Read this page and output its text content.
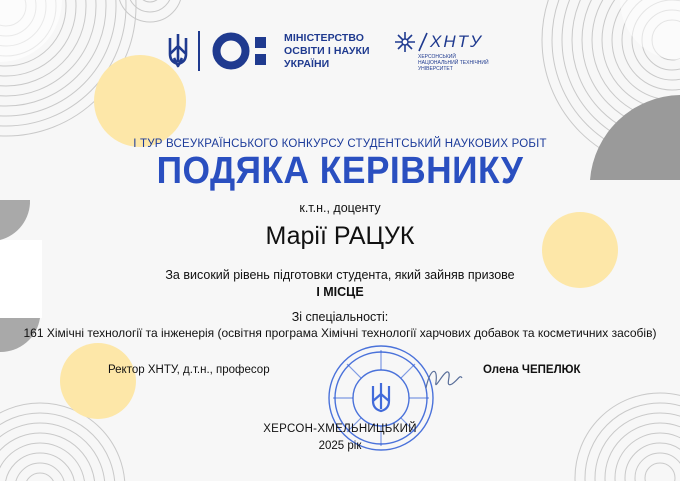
МІНІСТЕРСТВО
ОСВІТИ І НАУКИ
УКРАЇНИ
ХНТУ
ХЕРСОНСЬКИЙ
НАЦІОНАЛЬНИЙ ТЕХНІЧНИЙ
УНІВЕРСИТЕТ
І ТУР ВСЕУКРАЇНСЬКОГО КОНКУРСУ СТУДЕНТСЬКИЙ НАУКОВИХ РОБІТ
ПОДЯКА КЕРІВНИКУ
к.т.н., доценту
Марії РАЦУК
За високий рівень підготовки студента, який зайняв призове
І МІСЦЕ
Зі спеціальності:
161 Хімічні технології та інженерія (освітня програма Хімічні технології харчових добавок та косметичних засобів)
Ректор ХНТУ, д.т.н., професор	Олена ЧЕПЕЛЮК
ХЕРСОН-ХМЕЛЬНИЦЬКИЙ
2025 рік
